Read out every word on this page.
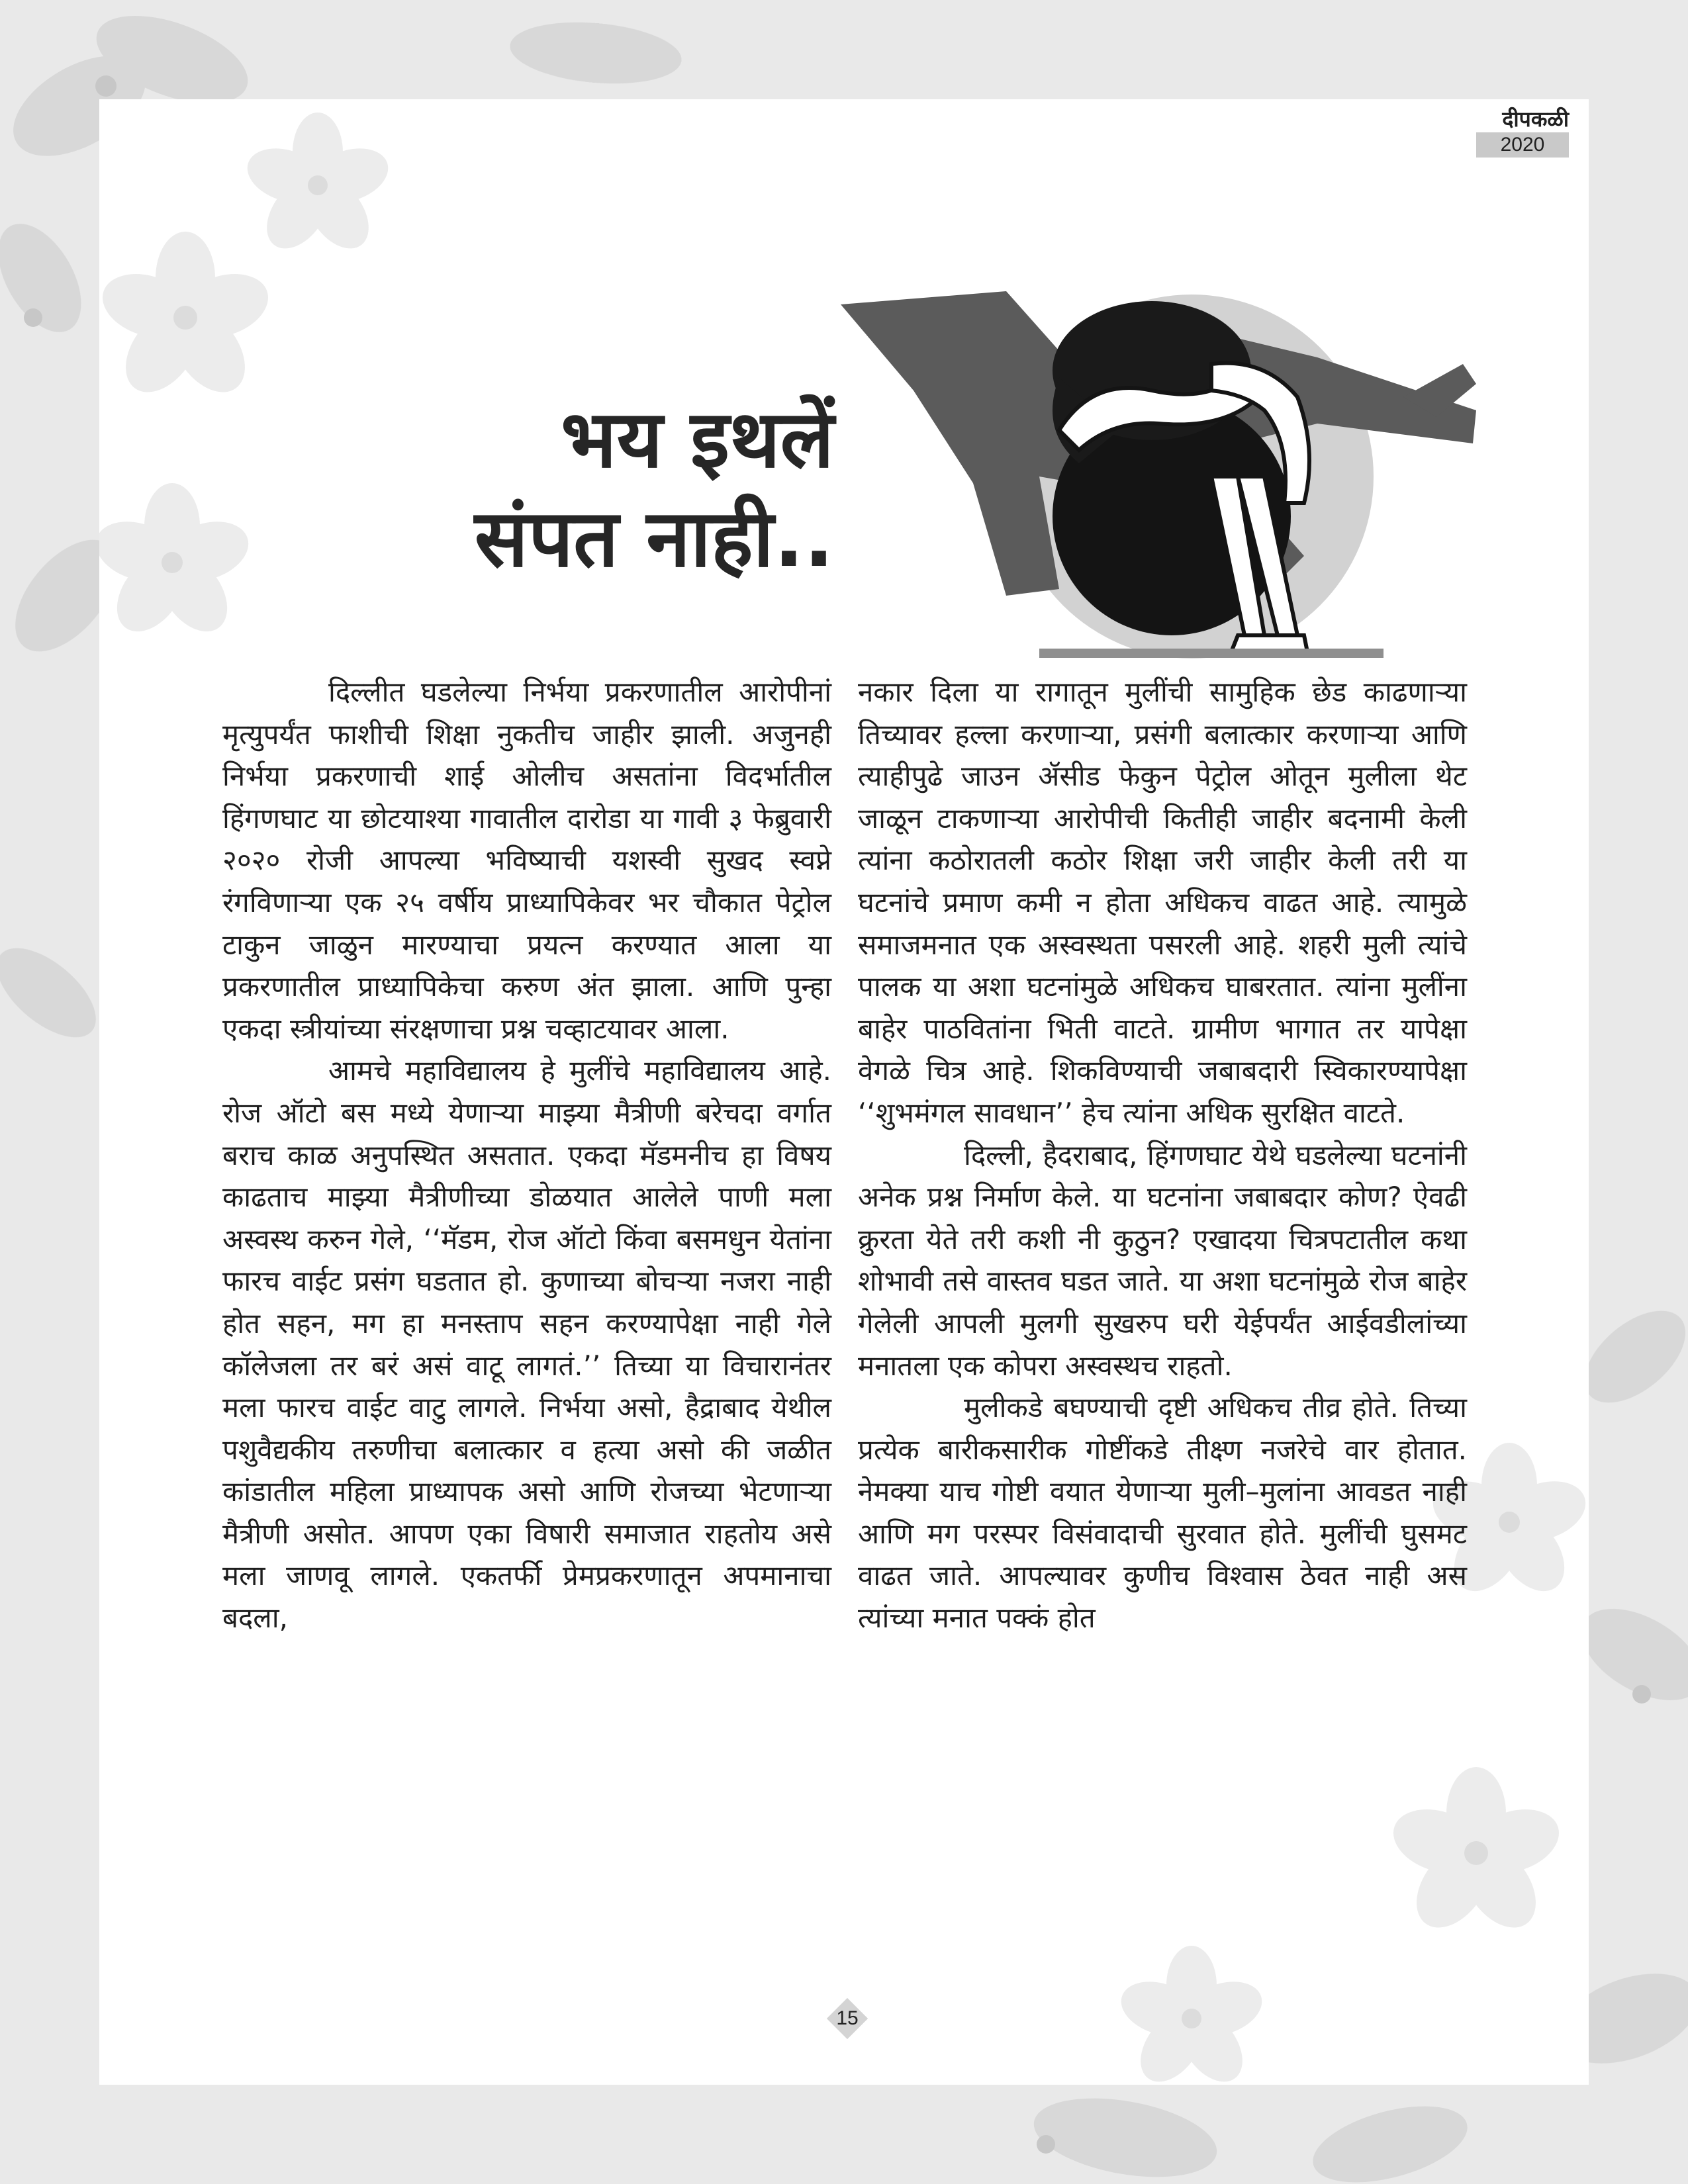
दीपकळी
2020
भय इथलें
संपत नाही..

दिल्लीत घडलेल्या निर्भया प्रकरणातील आरोपीनां मृत्युपर्यंत फाशीची शिक्षा नुकतीच जाहीर झाली. अजुनही निर्भया प्रकरणाची शाई ओलीच असतांना विदर्भातील हिंगणघाट या छोटयाश्या गावातील दारोडा या गावी ३ फेब्रुवारी २०२० रोजी आपल्या भविष्याची यशस्वी सुखद स्वप्ने रंगविणाऱ्या एक २५ वर्षीय प्राध्यापिकेवर भर चौकात पेट्रोल टाकुन जाळुन मारण्याचा प्रयत्न करण्यात आला या प्रकरणातील प्राध्यापिकेचा करुण अंत झाला. आणि पुन्हा एकदा स्त्रीयांच्या संरक्षणाचा प्रश्न चव्हाटयावर आला.

आमचे महाविद्यालय हे मुलींचे महाविद्यालय आहे. रोज ऑटो बस मध्ये येणाऱ्या माझ्या मैत्रीणी बरेचदा वर्गात बराच काळ अनुपस्थित असतात. एकदा मॅडमनीच हा विषय काढताच माझ्या मैत्रीणीच्या डोळयात आलेले पाणी मला अस्वस्थ करुन गेले, ‘‘मॅडम, रोज ऑटो किंवा बसमधुन येतांना फारच वाईट प्रसंग घडतात हो. कुणाच्या बोचऱ्या नजरा नाही होत सहन, मग हा मनस्ताप सहन करण्यापेक्षा नाही गेले कॉलेजला तर बरं असं वाटू लागतं.’’ तिच्या या विचारानंतर मला फारच वाईट वाटु लागले. निर्भया असो, हैद्राबाद येथील पशुवैद्यकीय तरुणीचा बलात्कार व हत्या असो की जळीत कांडातील महिला प्राध्यापक असो आणि रोजच्या भेटणाऱ्या मैत्रीणी असोत. आपण एका विषारी समाजात राहतोय असे मला जाणवू लागले. एकतर्फी प्रेमप्रकरणातून अपमानाचा बदला,

नकार दिला या रागातून मुलींची सामुहिक छेड काढणाऱ्या तिच्यावर हल्ला करणाऱ्या, प्रसंगी बलात्कार करणाऱ्या आणि त्याहीपुढे जाउन ॲसीड फेकुन पेट्रोल ओतून मुलीला थेट जाळून टाकणाऱ्या आरोपीची कितीही जाहीर बदनामी केली त्यांना कठोरातली कठोर शिक्षा जरी जाहीर केली तरी या घटनांचे प्रमाण कमी न होता अधिकच वाढत आहे. त्यामुळे समाजमनात एक अस्वस्थता पसरली आहे. शहरी मुली त्यांचे पालक या अशा घटनांमुळे अधिकच घाबरतात. त्यांना मुलींना बाहेर पाठवितांना भिती वाटते. ग्रामीण भागात तर यापेक्षा वेगळे चित्र आहे. शिकविण्याची जबाबदारी स्विकारण्यापेक्षा ‘‘शुभमंगल सावधान’’ हेच त्यांना अधिक सुरक्षित वाटते.

दिल्ली, हैदराबाद, हिंगणघाट येथे घडलेल्या घटनांनी अनेक प्रश्न निर्माण केले. या घटनांना जबाबदार कोण? ऐवढी क्रुरता येते तरी कशी नी कुठुन? एखादया चित्रपटातील कथा शोभावी तसे वास्तव घडत जाते. या अशा घटनांमुळे रोज बाहेर गेलेली आपली मुलगी सुखरुप घरी येईपर्यंत आईवडीलांच्या मनातला एक कोपरा अस्वस्थच राहतो.

मुलीकडे बघण्याची दृष्टी अधिकच तीव्र होते. तिच्या प्रत्येक बारीकसारीक गोष्टींकडे तीक्ष्ण नजरेचे वार होतात. नेमक्या याच गोष्टी वयात येणाऱ्या मुली–मुलांना आवडत नाही आणि मग परस्पर विसंवादाची सुरवात होते. मुलींची घुसमट वाढत जाते. आपल्यावर कुणीच विश्वास ठेवत नाही अस त्यांच्या मनात पक्कं होत

15
